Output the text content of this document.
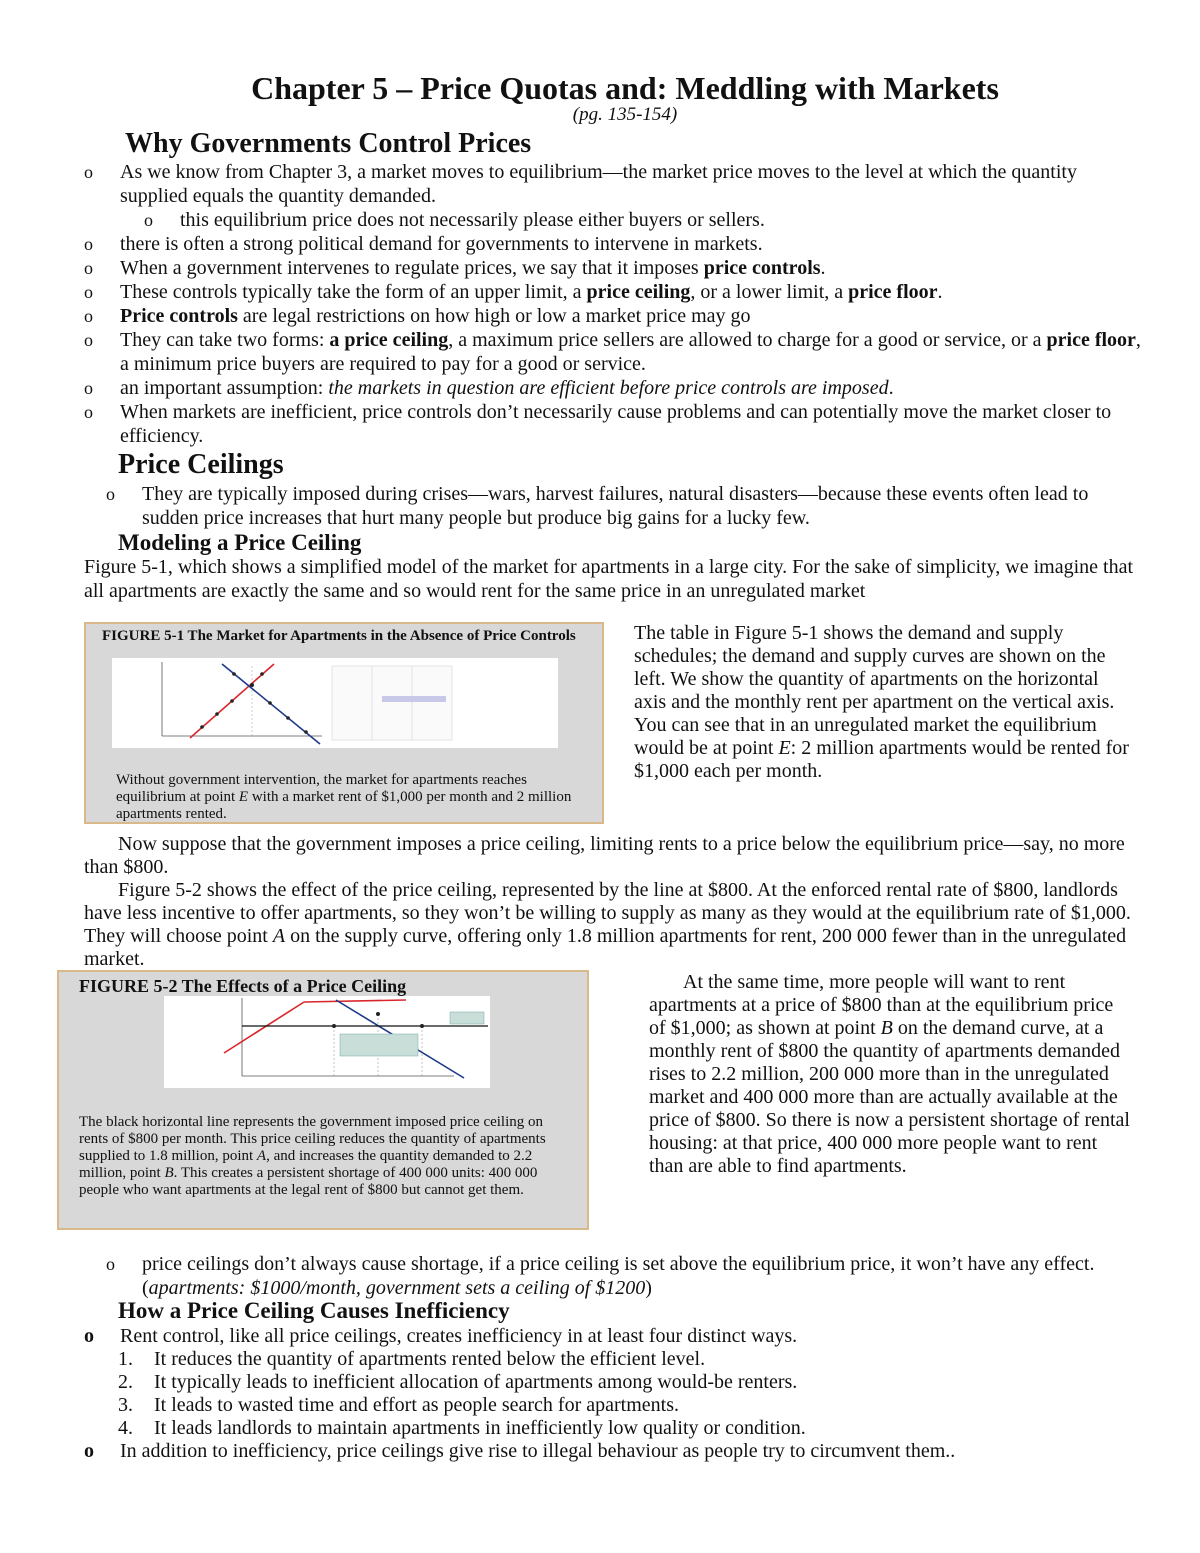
Chapter 5 – Price Quotas and: Meddling with Markets
(pg. 135-154)
Why Governments Control Prices
o	As we know from Chapter 3, a market moves to equilibrium—the market price moves to the level at which the quantity supplied equals the quantity demanded.
o	this equilibrium price does not necessarily please either buyers or sellers.
o	there is often a strong political demand for governments to intervene in markets.
o	When a government intervenes to regulate prices, we say that it imposes price controls.
o	These controls typically take the form of an upper limit, a price ceiling, or a lower limit, a price floor.
o	Price controls are legal restrictions on how high or low a market price may go
o	They can take two forms: a price ceiling, a maximum price sellers are allowed to charge for a good or service, or a price floor, a minimum price buyers are required to pay for a good or service.
o	an important assumption: the markets in question are efficient before price controls are imposed.
o	When markets are inefficient, price controls don’t necessarily cause problems and can potentially move the market closer to efficiency.
Price Ceilings
o	They are typically imposed during crises—wars, harvest failures, natural disasters—because these events often lead to sudden price increases that hurt many people but produce big gains for a lucky few.
Modeling a Price Ceiling
Figure 5-1, which shows a simplified model of the market for apartments in a large city. For the sake of simplicity, we imagine that all apartments are exactly the same and so would rent for the same price in an unregulated market
FIGURE 5-1 The Market for Apartments in the Absence of Price Controls
Without government intervention, the market for apartments reaches equilibrium at point E with a market rent of $1,000 per month and 2 million apartments rented.
The table in Figure 5-1 shows the demand and supply schedules; the demand and supply curves are shown on the left. We show the quantity of apartments on the horizontal axis and the monthly rent per apartment on the vertical axis. You can see that in an unregulated market the equilibrium would be at point E: 2 million apartments would be rented for $1,000 each per month.
Now suppose that the government imposes a price ceiling, limiting rents to a price below the equilibrium price—say, no more than $800.
Figure 5-2 shows the effect of the price ceiling, represented by the line at $800. At the enforced rental rate of $800, landlords have less incentive to offer apartments, so they won’t be willing to supply as many as they would at the equilibrium rate of $1,000. They will choose point A on the supply curve, offering only 1.8 million apartments for rent, 200 000 fewer than in the unregulated market.
FIGURE 5-2 The Effects of a Price Ceiling
The black horizontal line represents the government imposed price ceiling on rents of $800 per month. This price ceiling reduces the quantity of apartments supplied to 1.8 million, point A, and increases the quantity demanded to 2.2 million, point B. This creates a persistent shortage of 400 000 units: 400 000 people who want apartments at the legal rent of $800 but cannot get them.
At the same time, more people will want to rent apartments at a price of $800 than at the equilibrium price of $1,000; as shown at point B on the demand curve, at a monthly rent of $800 the quantity of apartments demanded rises to 2.2 million, 200 000 more than in the unregulated market and 400 000 more than are actually available at the price of $800. So there is now a persistent shortage of rental housing: at that price, 400 000 more people want to rent than are able to find apartments.
o	price ceilings don’t always cause shortage, if a price ceiling is set above the equilibrium price, it won’t have any effect. (apartments: $1000/month, government sets a ceiling of $1200)
How a Price Ceiling Causes Inefficiency
o Rent control, like all price ceilings, creates inefficiency in at least four distinct ways.
1. It reduces the quantity of apartments rented below the efficient level.
2. It typically leads to inefficient allocation of apartments among would-be renters.
3. It leads to wasted time and effort as people search for apartments.
4. It leads landlords to maintain apartments in inefficiently low quality or condition.
o In addition to inefficiency, price ceilings give rise to illegal behaviour as people try to circumvent them..
